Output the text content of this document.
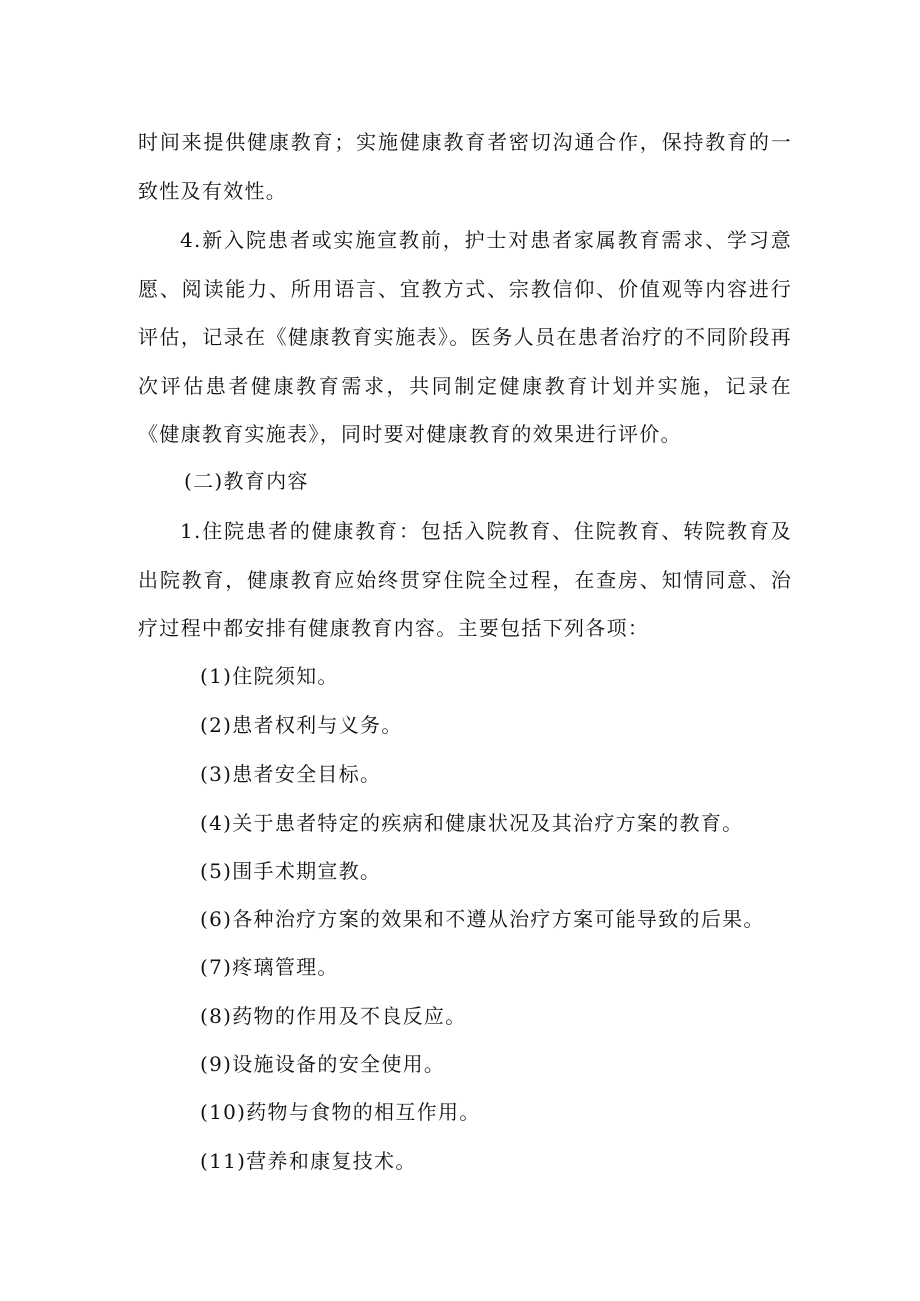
时间来提供健康教育；实施健康教育者密切沟通合作，保持教育的一致性及有效性。

4.新入院患者或实施宣教前，护士对患者家属教育需求、学习意愿、阅读能力、所用语言、宜教方式、宗教信仰、价值观等内容进行评估，记录在《健康教育实施表》。医务人员在患者治疗的不同阶段再次评估患者健康教育需求，共同制定健康教育计划并实施，记录在《健康教育实施表》，同时要对健康教育的效果进行评价。

(二)教育内容

1.住院患者的健康教育：包括入院教育、住院教育、转院教育及出院教育，健康教育应始终贯穿住院全过程，在查房、知情同意、治疗过程中都安排有健康教育内容。主要包括下列各项：

(1)住院须知。

(2)患者权利与义务。

(3)患者安全目标。

(4)关于患者特定的疾病和健康状况及其治疗方案的教育。

(5)围手术期宣教。

(6)各种治疗方案的效果和不遵从治疗方案可能导致的后果。

(7)疼璃管理。

(8)药物的作用及不良反应。

(9)设施设备的安全使用。

(10)药物与食物的相互作用。

(11)营养和康复技术。
